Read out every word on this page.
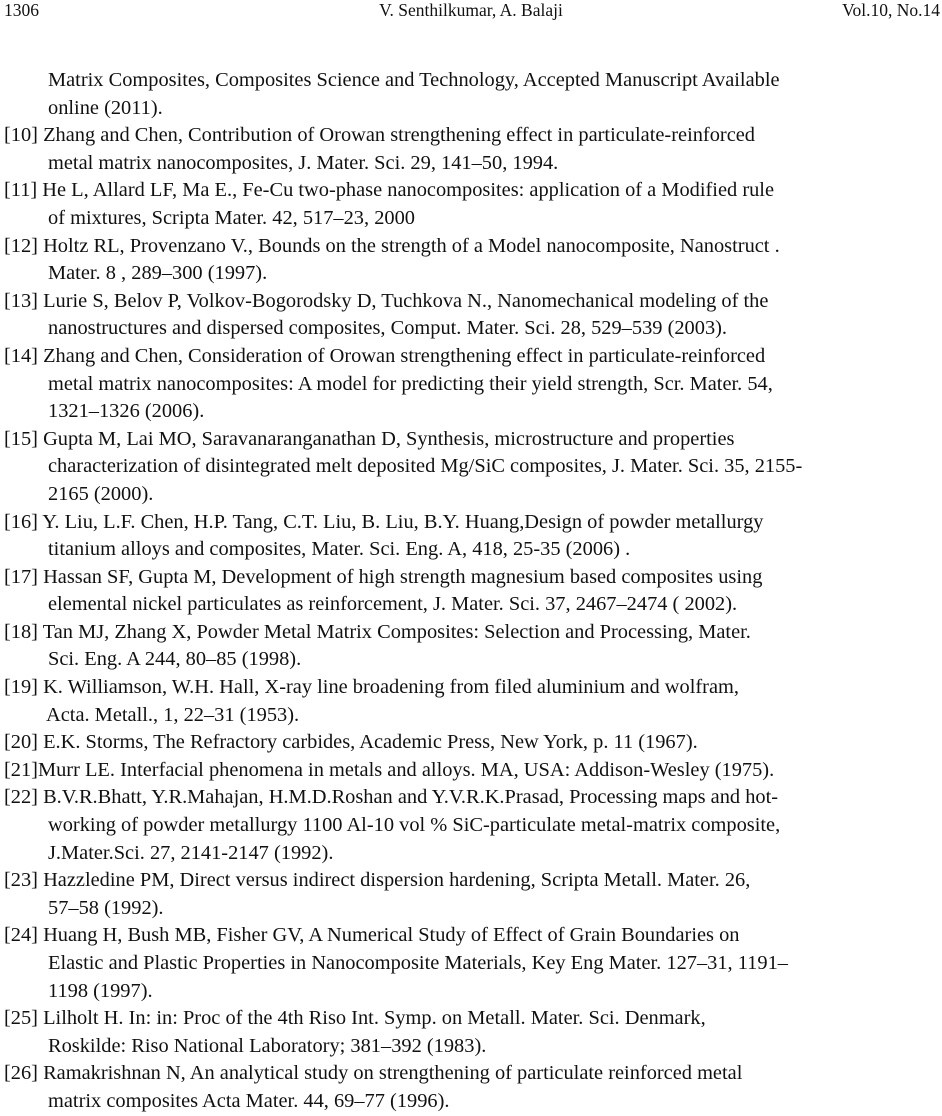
1306	V. Senthilkumar, A. Balaji	Vol.10, No.14
Matrix Composites, Composites Science and Technology, Accepted Manuscript Available
online (2011).
[10] Zhang and Chen, Contribution of Orowan strengthening effect in particulate-reinforced
metal matrix nanocomposites, J. Mater. Sci. 29, 141–50, 1994.
[11] He L, Allard LF, Ma E., Fe-Cu two-phase nanocomposites: application of a Modified rule
of mixtures, Scripta Mater. 42, 517–23, 2000
[12] Holtz RL, Provenzano V., Bounds on the strength of a Model nanocomposite, Nanostruct .
Mater. 8 , 289–300 (1997).
[13] Lurie S, Belov P, Volkov-Bogorodsky D, Tuchkova N., Nanomechanical modeling of the
nanostructures and dispersed composites, Comput. Mater. Sci. 28, 529–539 (2003).
[14] Zhang and Chen, Consideration of Orowan strengthening effect in particulate-reinforced
metal matrix nanocomposites: A model for predicting their yield strength, Scr. Mater. 54,
1321–1326 (2006).
[15] Gupta M, Lai MO, Saravanaranganathan D, Synthesis, microstructure and properties
characterization of disintegrated melt deposited Mg/SiC composites, J. Mater. Sci. 35, 2155-
2165 (2000).
[16] Y. Liu, L.F. Chen, H.P. Tang, C.T. Liu, B. Liu, B.Y. Huang,Design of powder metallurgy
titanium alloys and composites, Mater. Sci. Eng. A, 418, 25-35 (2006) .
[17] Hassan SF, Gupta M, Development of high strength magnesium based composites using
elemental nickel particulates as reinforcement, J. Mater. Sci. 37, 2467–2474 ( 2002).
[18] Tan MJ, Zhang X, Powder Metal Matrix Composites: Selection and Processing, Mater.
Sci. Eng. A 244, 80–85 (1998).
[19] K. Williamson, W.H. Hall, X-ray line broadening from filed aluminium and wolfram,
Acta. Metall., 1, 22–31 (1953).
[20] E.K. Storms, The Refractory carbides, Academic Press, New York, p. 11 (1967).
[21]Murr LE. Interfacial phenomena in metals and alloys. MA, USA: Addison-Wesley (1975).
[22] B.V.R.Bhatt, Y.R.Mahajan, H.M.D.Roshan and Y.V.R.K.Prasad, Processing maps and hot-
working of powder metallurgy 1100 Al-10 vol % SiC-particulate metal-matrix composite,
J.Mater.Sci. 27, 2141-2147 (1992).
[23] Hazzledine PM, Direct versus indirect dispersion hardening, Scripta Metall. Mater. 26,
57–58 (1992).
[24] Huang H, Bush MB, Fisher GV, A Numerical Study of Effect of Grain Boundaries on
Elastic and Plastic Properties in Nanocomposite Materials, Key Eng Mater. 127–31, 1191–
1198 (1997).
[25] Lilholt H. In: in: Proc of the 4th Riso Int. Symp. on Metall. Mater. Sci. Denmark,
Roskilde: Riso National Laboratory; 381–392 (1983).
[26] Ramakrishnan N, An analytical study on strengthening of particulate reinforced metal
matrix composites Acta Mater. 44, 69–77 (1996).
